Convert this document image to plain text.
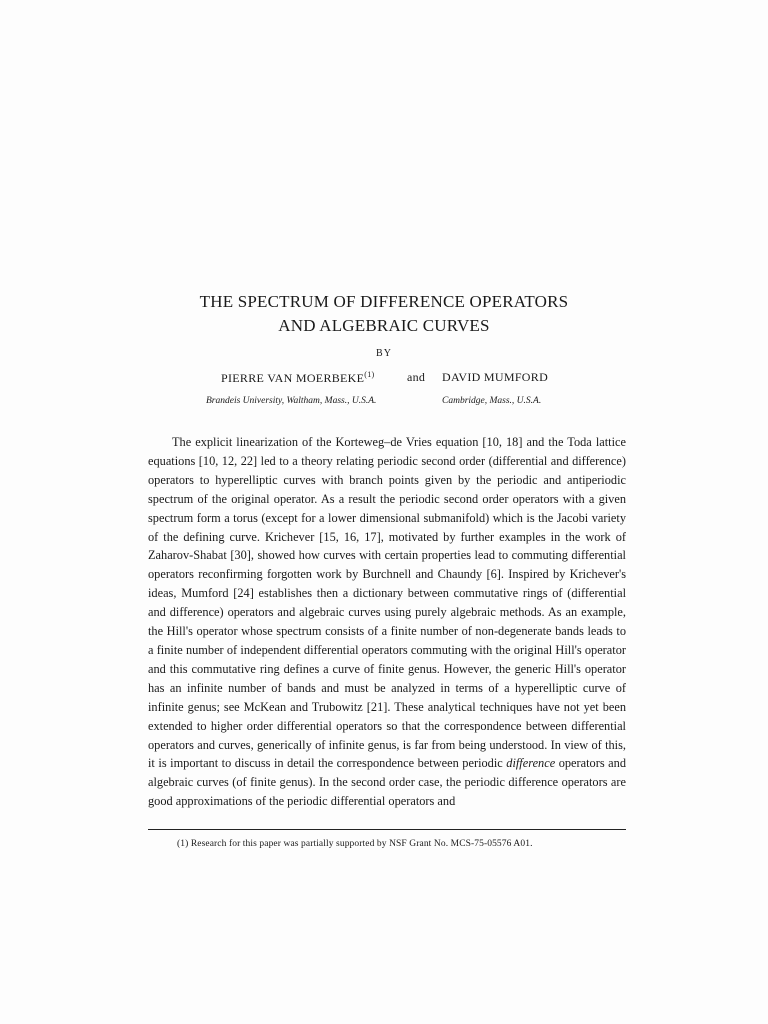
THE SPECTRUM OF DIFFERENCE OPERATORS
AND ALGEBRAIC CURVES
BY
PIERRE VAN MOERBEKE$^{(1)}$	and DAVID MUMFORD
Brandeis University, Waltham, Mass., U.S.A.	Cambridge, Mass., U.S.A.

The explicit linearization of the Korteweg–de Vries equation [10, 18] and the Toda lattice equations [10, 12, 22] led to a theory relating periodic second order (differential and difference) operators to hyperelliptic curves with branch points given by the periodic and antiperiodic spectrum of the original operator. As a result the periodic second order operators with a given spectrum form a torus (except for a lower dimensional submanifold) which is the Jacobi variety of the defining curve. Krichever [15, 16, 17], motivated by further examples in the work of Zaharov-Shabat [30], showed how curves with certain properties lead to commuting differential operators reconfirming forgotten work by Burchnell and Chaundy [6]. Inspired by Krichever's ideas, Mumford [24] establishes then a dictionary between commutative rings of (differential and difference) operators and algebraic curves using purely algebraic methods. As an example, the Hill's operator whose spectrum consists of a finite number of non-degenerate bands leads to a finite number of independent differential operators commuting with the original Hill's operator and this commutative ring defines a curve of finite genus. However, the generic Hill's operator has an infinite number of bands and must be analyzed in terms of a hyperelliptic curve of infinite genus; see McKean and Trubowitz [21]. These analytical techniques have not yet been extended to higher order differential operators so that the correspondence between differential operators and curves, generically of infinite genus, is far from being understood. In view of this, it is important to discuss in detail the correspondence between periodic difference operators and algebraic curves (of finite genus). In the second order case, the periodic difference operators are good approximations of the periodic differential operators and

(1) Research for this paper was partially supported by NSF Grant No. MCS-75-05576 A01.
